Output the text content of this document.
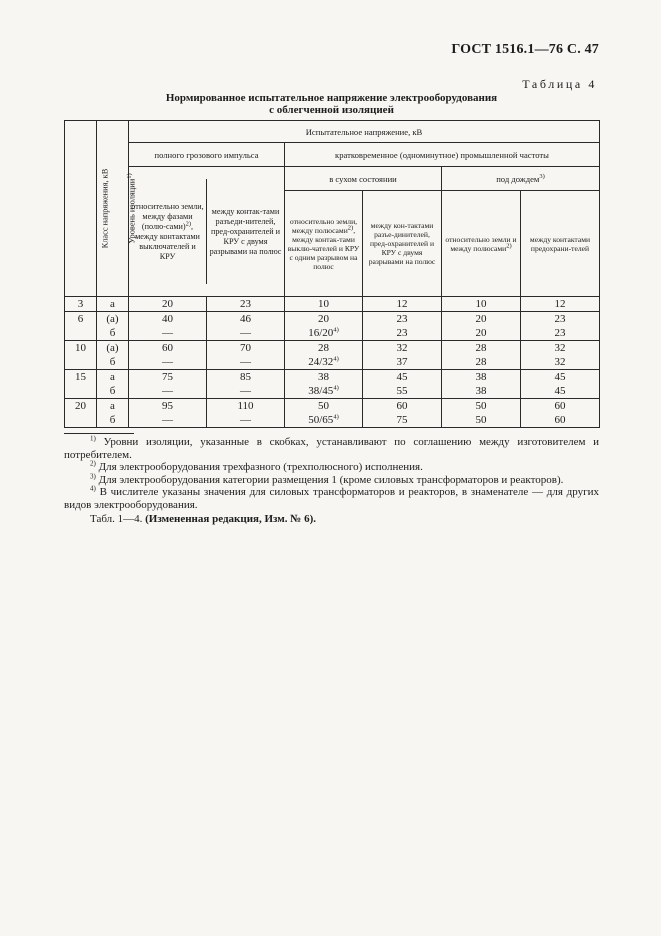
ГОСТ 1516.1—76 С. 47
Таблица 4
Нормированное испытательное напряжение электрооборудования
с облегченной изоляцией
Класс напряжения, кВ	Уровень изоляции$^{1)}$	Испытательное напряжение, кВ
полного грозового импульса	кратковременное (одноминутное) промышленной частоты

относительно земли, между фазами (полю-сами)$^{2)}$, между контактами выключателей и КРУ	между контак-тами разъеди-нителей, пред-охранителей и КРУ с двумя разрывами на полюс
	в сухом состоянии	под дождем$^{3)}$
относительно земли, между полюсами$^{2)}$, между контак-тами выклю-чателей и КРУ с одним разрывом на полюс	между кон-тактами разъе-динителей, пред-охранителей и КРУ с двумя разрывами на полюс	относительно земли и между полюсами$^{2)}$	между контактами предохрани-телей
3	а	20	23	10	12	10	12
6	(а)	40	46	20	23	20	23
	б	—	—	16/20$^{4)}$	23	20	23
10	(а)	60	70	28	32	28	32
	б	—	—	24/32$^{4)}$	37	28	32
15	а	75	85	38	45	38	45
	б	—	—	38/45$^{4)}$	55	38	45
20	а	95	110	50	60	50	60
	б	—	—	50/65$^{4)}$	75	50	60

$^{1)}$ Уровни изоляции, указанные в скобках, устанавливают по соглашению между изготовителем и потребителем.

$^{2)}$ Для электрооборудования трехфазного (трехполюсного) исполнения.

$^{3)}$ Для электрооборудования категории размещения 1 (кроме силовых трансформаторов и реакторов).

$^{4)}$ В числителе указаны значения для силовых трансформаторов и реакторов, в знаменателе — для других видов электрооборудования.

Табл. 1—4. (Измененная редакция, Изм. № 6).
